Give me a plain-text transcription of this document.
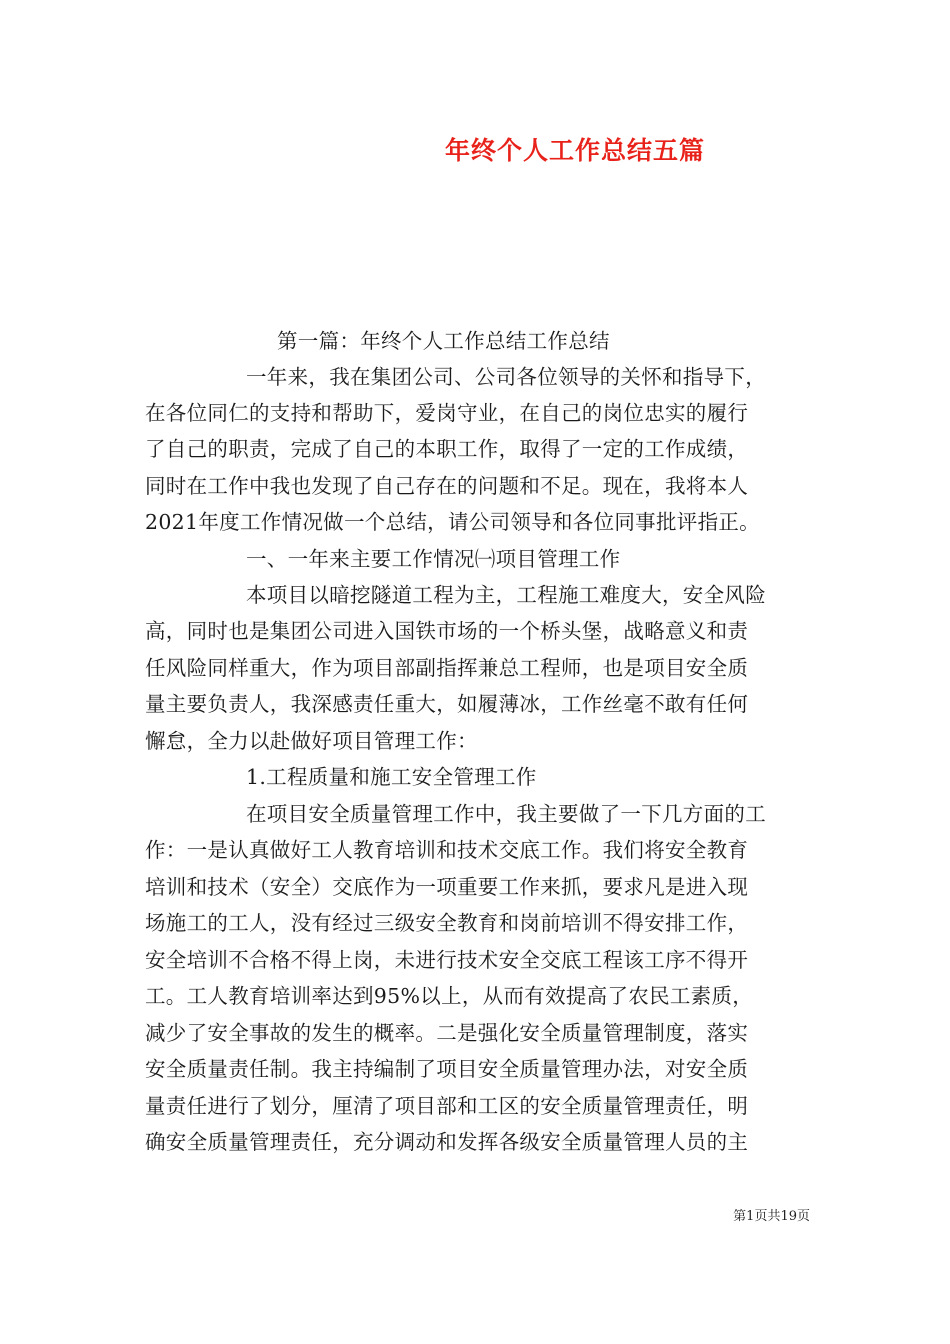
年终个人工作总结五篇
第一篇：年终个人工作总结工作总结
一年来，我在集团公司、公司各位领导的关怀和指导下，
在各位同仁的支持和帮助下，爱岗守业，在自己的岗位忠实的履行
了自己的职责，完成了自己的本职工作，取得了一定的工作成绩，
同时在工作中我也发现了自己存在的问题和不足。现在，我将本人
2021年度工作情况做一个总结，请公司领导和各位同事批评指正。
一、一年来主要工作情况㈠项目管理工作
本项目以暗挖隧道工程为主，工程施工难度大，安全风险
高，同时也是集团公司进入国铁市场的一个桥头堡，战略意义和责
任风险同样重大，作为项目部副指挥兼总工程师，也是项目安全质
量主要负责人，我深感责任重大，如履薄冰，工作丝毫不敢有任何
懈怠，全力以赴做好项目管理工作：
1.工程质量和施工安全管理工作
在项目安全质量管理工作中，我主要做了一下几方面的工
作：一是认真做好工人教育培训和技术交底工作。我们将安全教育
培训和技术（安全）交底作为一项重要工作来抓，要求凡是进入现
场施工的工人，没有经过三级安全教育和岗前培训不得安排工作，
安全培训不合格不得上岗，未进行技术安全交底工程该工序不得开
工。工人教育培训率达到95%以上，从而有效提高了农民工素质，
减少了安全事故的发生的概率。二是强化安全质量管理制度，落实
安全质量责任制。我主持编制了项目安全质量管理办法，对安全质
量责任进行了划分，厘清了项目部和工区的安全质量管理责任，明
确安全质量管理责任，充分调动和发挥各级安全质量管理人员的主
第1页共19页
